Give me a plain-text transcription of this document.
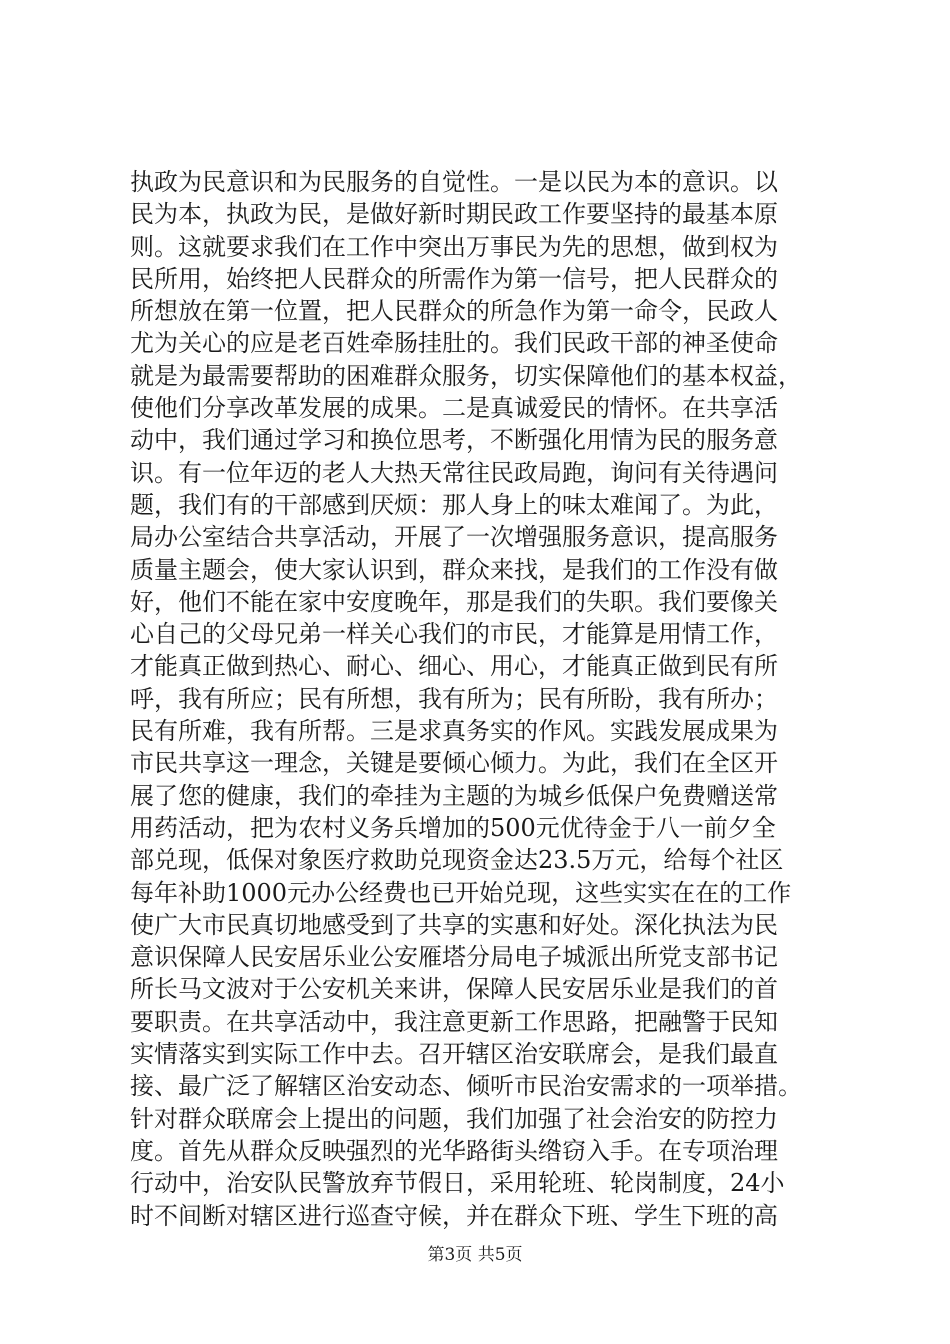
执政为民意识和为民服务的自觉性。一是以民为本的意识。以
民为本，执政为民，是做好新时期民政工作要坚持的最基本原
则。这就要求我们在工作中突出万事民为先的思想，做到权为
民所用，始终把人民群众的所需作为第一信号，把人民群众的
所想放在第一位置，把人民群众的所急作为第一命令，民政人
尤为关心的应是老百姓牵肠挂肚的。我们民政干部的神圣使命
就是为最需要帮助的困难群众服务，切实保障他们的基本权益，
使他们分享改革发展的成果。二是真诚爱民的情怀。在共享活
动中，我们通过学习和换位思考，不断强化用情为民的服务意
识。有一位年迈的老人大热天常往民政局跑，询问有关待遇问
题，我们有的干部感到厌烦：那人身上的味太难闻了。为此，
局办公室结合共享活动，开展了一次增强服务意识，提高服务
质量主题会，使大家认识到，群众来找，是我们的工作没有做
好，他们不能在家中安度晚年，那是我们的失职。我们要像关
心自己的父母兄弟一样关心我们的市民，才能算是用情工作，
才能真正做到热心、耐心、细心、用心，才能真正做到民有所
呼，我有所应；民有所想，我有所为；民有所盼，我有所办；
民有所难，我有所帮。三是求真务实的作风。实践发展成果为
市民共享这一理念，关键是要倾心倾力。为此，我们在全区开
展了您的健康，我们的牵挂为主题的为城乡低保户免费赠送常
用药活动，把为农村义务兵增加的500元优待金于八一前夕全
部兑现，低保对象医疗救助兑现资金达23.5万元，给每个社区
每年补助1000元办公经费也已开始兑现，这些实实在在的工作
使广大市民真切地感受到了共享的实惠和好处。深化执法为民
意识保障人民安居乐业公安雁塔分局电子城派出所党支部书记
所长马文波对于公安机关来讲，保障人民安居乐业是我们的首
要职责。在共享活动中，我注意更新工作思路，把融警于民知
实情落实到实际工作中去。召开辖区治安联席会，是我们最直
接、最广泛了解辖区治安动态、倾听市民治安需求的一项举措。
针对群众联席会上提出的问题，我们加强了社会治安的防控力
度。首先从群众反映强烈的光华路街头绺窃入手。在专项治理
行动中，治安队民警放弃节假日，采用轮班、轮岗制度，24小
时不间断对辖区进行巡查守候，并在群众下班、学生下班的高
第3页 共5页
